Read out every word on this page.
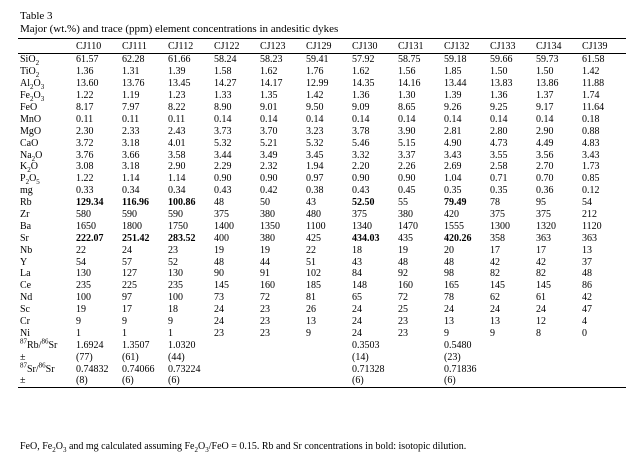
Table 3
Major (wt.%) and trace (ppm) element concentrations in andesitic dykes
	CJ110	CJ111	CJ112	CJ122	CJ123	CJ129	CJ130	CJ131	CJ132	CJ133	CJ134	CJ139
SiO$_2$	61.57	62.28	61.66	58.24	58.23	59.41	57.92	58.75	59.18	59.66	59.73	61.58
TiO$_2$	1.36	1.31	1.39	1.58	1.62	1.76	1.62	1.56	1.85	1.50	1.50	1.42
$Al_2O_3$	13.60	13.76	13.45	14.27	14.17	12.99	14.35	14.16	13.44	13.83	13.86	11.88
$Fe_2O_3$	1.22	1.19	1.23	1.33	1.35	1.42	1.36	1.30	1.39	1.36	1.37	1.74
FeO	8.17	7.97	8.22	8.90	9.01	9.50	9.09	8.65	9.26	9.25	9.17	11.64
MnO	0.11	0.11	0.11	0.14	0.14	0.14	0.14	0.14	0.14	0.14	0.14	0.18
MgO	2.30	2.33	2.43	3.73	3.70	3.23	3.78	3.90	2.81	2.80	2.90	0.88
CaO	3.72	3.18	4.01	5.32	5.21	5.32	5.46	5.15	4.90	4.73	4.49	4.83
$Na_2O$	3.76	3.66	3.58	3.44	3.49	3.45	3.32	3.37	3.43	3.55	3.56	3.43
$K_2O$	3.08	3.18	2.90	2.29	2.32	1.94	2.20	2.26	2.69	2.58	2.70	1.73
$P_2O_5$	1.22	1.14	1.14	0.90	0.90	0.97	0.90	0.90	1.04	0.71	0.70	0.85
mg	0.33	0.34	0.34	0.43	0.42	0.38	0.43	0.45	0.35	0.35	0.36	0.12
Rb	129.34	116.96	100.86	48	50	43	52.50	55	79.49	78	95	54
Zr	580	590	590	375	380	480	375	380	420	375	375	212
Ba	1650	1800	1750	1400	1350	1100	1340	1470	1555	1300	1320	1120
Sr	222.07	251.42	283.52	400	380	425	434.03	435	420.26	358	363	363
Nb	22	24	23	19	19	22	18	19	20	17	17	13
Y	54	57	52	48	44	51	43	48	48	42	42	37
La	130	127	130	90	91	102	84	92	98	82	82	48
Ce	235	225	235	145	160	185	148	160	165	145	145	86
Nd	100	97	100	73	72	81	65	72	78	62	61	42
Sc	19	17	18	24	23	26	24	25	24	24	24	47
Cr	9	9	9	24	23	13	24	23	13	13	12	4
Ni	1	1	1	23	23	9	24	23	9	9	8	0
$^{87}$Rb/$^{86}$Sr	1.6924	1.3507	1.0320				0.3503		0.5480			
±	(77)	(61)	(44)				(14)		(23)			
$^{87}$Sr/$^{86}$Sr	0.74832	0.74066	0.73224				0.71328		0.71836			
±	(8)	(6)	(6)				(6)		(6)			
FeO, $Fe_2O_3$ and mg calculated assuming $Fe_2O_3$/FeO = 0.15. Rb and Sr concentrations in bold: isotopic dilution.
